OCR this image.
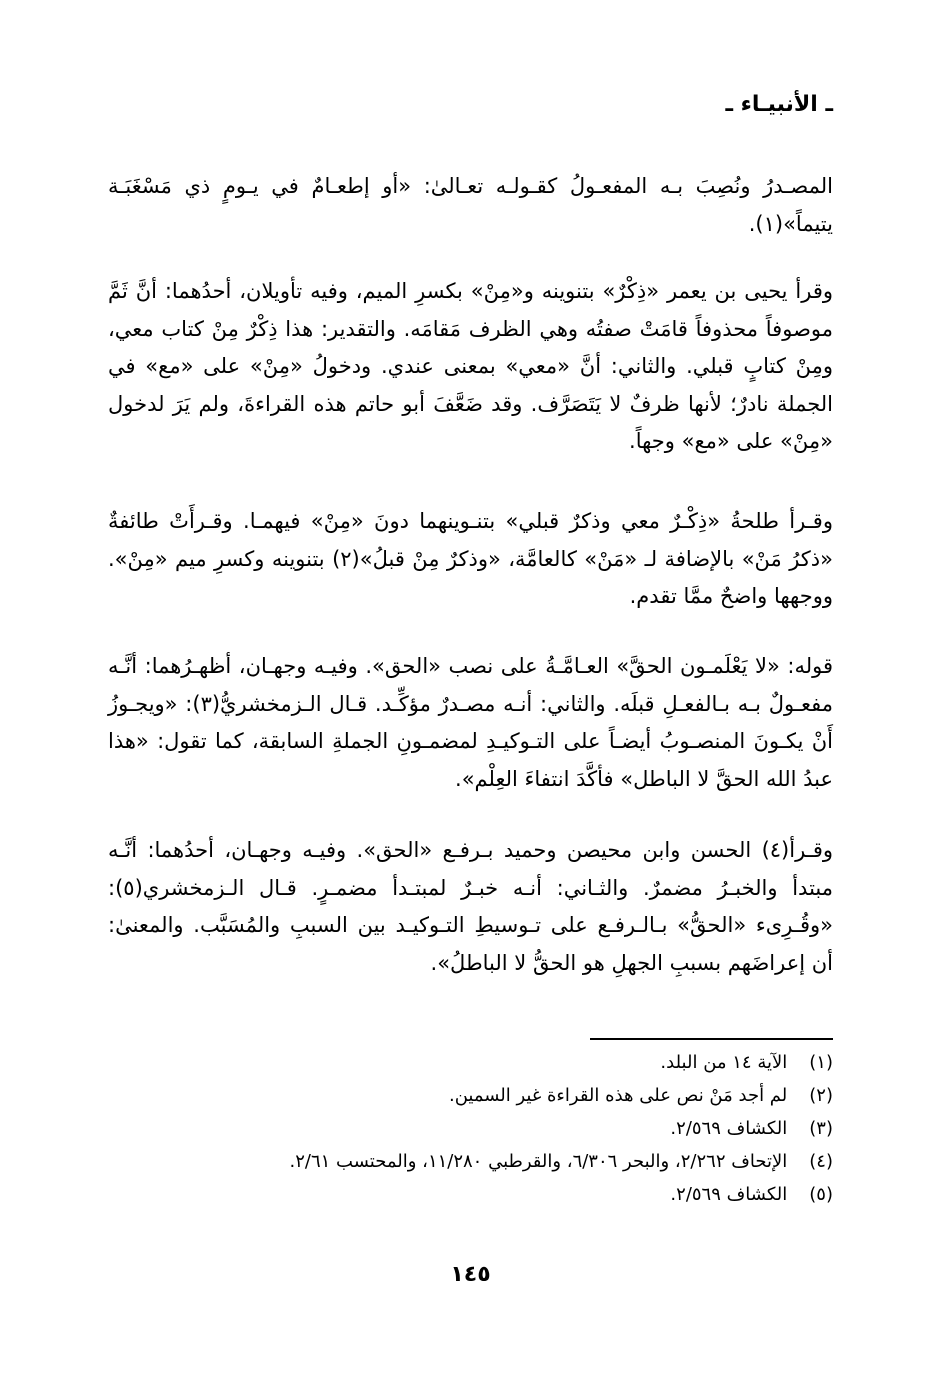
ـ الأنبيـاء ـ

المصـدرُ ونُصِبَ بـه المفعـولُ كقـولـه تعـالىٰ: «أو إطعـامٌ في يـومٍ ذي مَسْغَبَـة يتيماً»(١).

وقرأ يحيى بن يعمر «ذِكْرٌ» بتنوينه و«مِنْ» بكسرِ الميم، وفيه تأويلان، أحدُهما: أنَّ ثَمَّ موصوفاً محذوفاً قامَتْ صفتُه وهي الظرف مَقامَه. والتقدير: هذا ذِكْرٌ مِنْ كتاب معي، ومِنْ كتابٍ قبلي. والثاني: أنَّ «معي» بمعنى عندي. ودخولُ «مِنْ» على «مع» في الجملة نادرٌ؛ لأنها ظرفٌ لا يَتَصَرَّف. وقد ضَعَّفَ أبو حاتم هذه القراءةَ، ولم يَرَ لدخول «مِنْ» على «مع» وجهاً.

وقـرأ طلحةُ «ذِكْـرٌ معي وذكرٌ قبلي» بتنـوينهما دونَ «مِنْ» فيهمـا. وقـرأَتْ طائفةٌ «ذكرُ مَنْ» بالإضافة لـ «مَنْ» كالعامَّة، «وذكرٌ مِنْ قبلُ»(٢) بتنوينه وكسرِ ميم «مِنْ». ووجهها واضحٌ ممَّا تقدم.

قوله: «لا يَعْلَمـون الحقَّ» العـامَّـةُ على نصب «الحق». وفيـه وجهـان، أظهـرُهما: أنَّـه مفعـولٌ بـه بـالفعـلِ قبلَه. والثاني: أنـه مصـدرٌ مؤكِّـد. قـال الـزمخشريُّ(٣): «ويجـوزُ أَنْ يكـونَ المنصـوبُ أيضـاً على التـوكيـدِ لمضمـونِ الجملةِ السابقة، كما تقول: «هذا عبدُ الله الحقَّ لا الباطل» فأكَّدَ انتفاءَ العِلْم».

وقـرأ(٤) الحسن وابن محيصن وحميد بـرفـع «الحق». وفيـه وجهـان، أحدُهما: أنَّـه مبتدأ والخبـرُ مضمرٌ. والثـاني: أنـه خبـرٌ لمبتـدأ مضمـرٍ. قـال الـزمخشري(٥): «وقُـرِىء «الحقُّ» بـالـرفـع على تـوسيطِ التـوكيـد بين السببِ والمُسَبَّب. والمعنىٰ: أن إعراضَهم بسببِ الجهلِ هو الحقُّ لا الباطلُ».

(١) الآية ١٤ من البلد.
(٢) لم أجد مَنْ نص على هذه القراءة غير السمين.
(٣) الكشاف ٢/٥٦٩.
(٤) الإتحاف ٢/٢٦٢، والبحر ٦/٣٠٦، والقرطبي ١١/٢٨٠، والمحتسب ٢/٦١.
(٥) الكشاف ٢/٥٦٩.
١٤٥
